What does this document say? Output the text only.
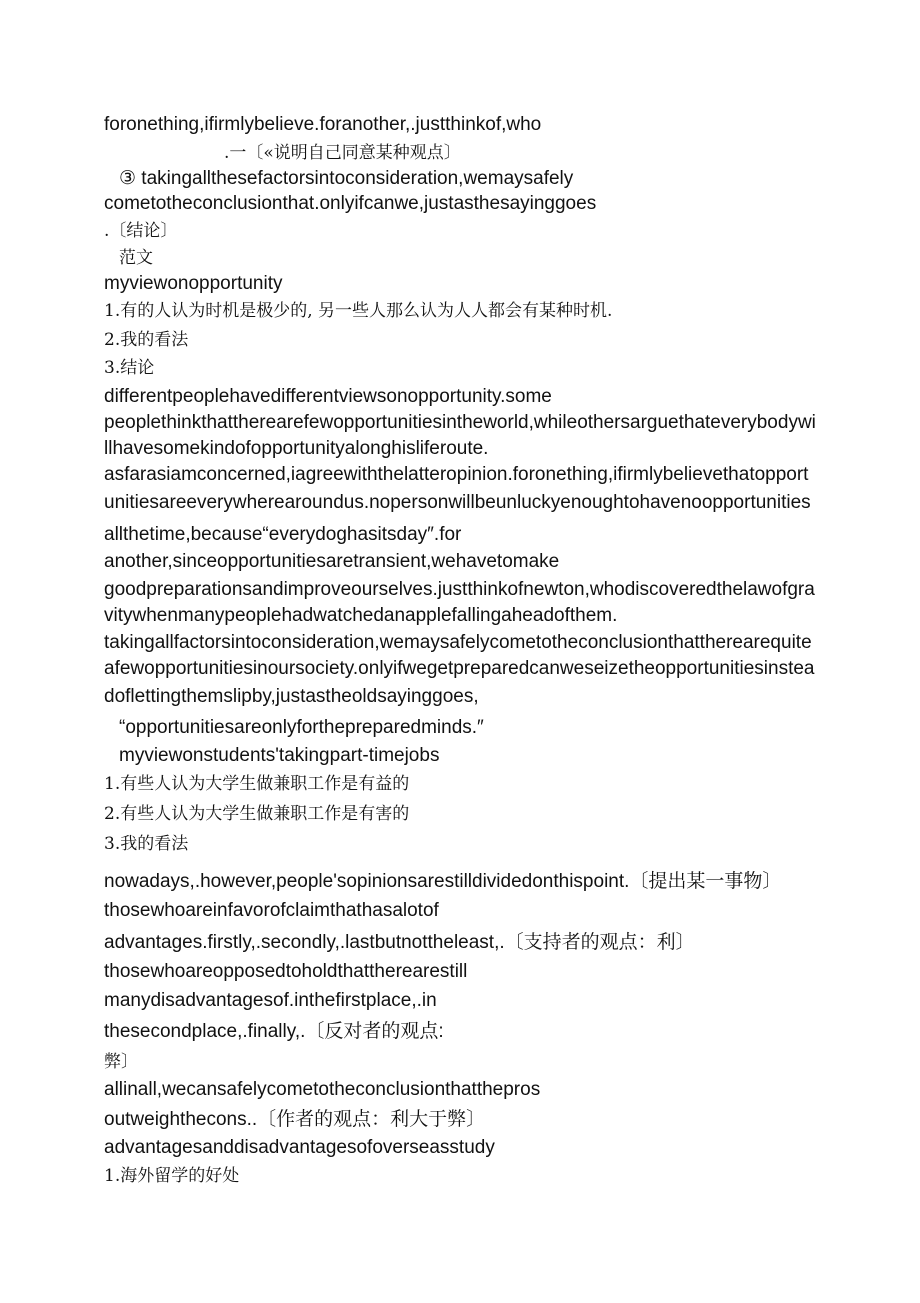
foronething,ifirmlybelieve.foranother,.justthinkof,who
.一〔«说明自己同意某种观点〕
③ takingallthesefactorsintoconsideration,wemaysafely
cometotheconclusionthat.onlyifcanwe,justasthesayinggoes
.〔结论〕
范文
myviewonopportunity
1.有的人认为时机是极少的, 另一些人那么认为人人都会有某种时机.
2.我的看法
3.结论
differentpeoplehavedifferentviewsonopportunity.some
peoplethinkthattherearefewopportunitiesintheworld,whileothersarguethateverybodywi
llhavesomekindofopportunityalonghisliferoute.
asfarasiamconcerned,iagreewiththelatteropinion.foronething,ifirmlybelievethatopport
unitiesareeverywherearoundus.nopersonwillbeunluckyenoughtohavenoopportunities
allthetime,because“everydoghasitsday″.for
another,sinceopportunitiesaretransient,wehavetomake
goodpreparationsandimproveourselves.justthinkofnewton,whodiscoveredthelawofgra
vitywhenmanypeoplehadwatchedanapplefallingaheadofthem.
takingallfactorsintoconsideration,wemaysafelycometotheconclusionthattherearequite
afewopportunitiesinoursociety.onlyifwegetpreparedcanweseizetheopportunitiesinstea
doflettingthemslipby,justastheoldsayinggoes,
“opportunitiesareonlyforthepreparedminds.″
myviewonstudents'takingpart-timejobs
1.有些人认为大学生做兼职工作是有益的
2.有些人认为大学生做兼职工作是有害的
3.我的看法
nowadays,.however,people'sopinionsarestilldividedonthispoint.〔提出某一事物〕
thosewhoareinfavorofclaimthathasalotof
advantages.firstly,.secondly,.lastbutnottheleast,.〔支持者的观点：利〕
thosewhoareopposedtoholdthattherearestill
manydisadvantagesof.inthefirstplace,.in
thesecondplace,.finally,.〔反对者的观点:
弊〕
allinall,wecansafelycometotheconclusionthatthepros
outweighthecons..〔作者的观点：利大于弊〕
advantagesanddisadvantagesofoverseasstudy
1.海外留学的好处
